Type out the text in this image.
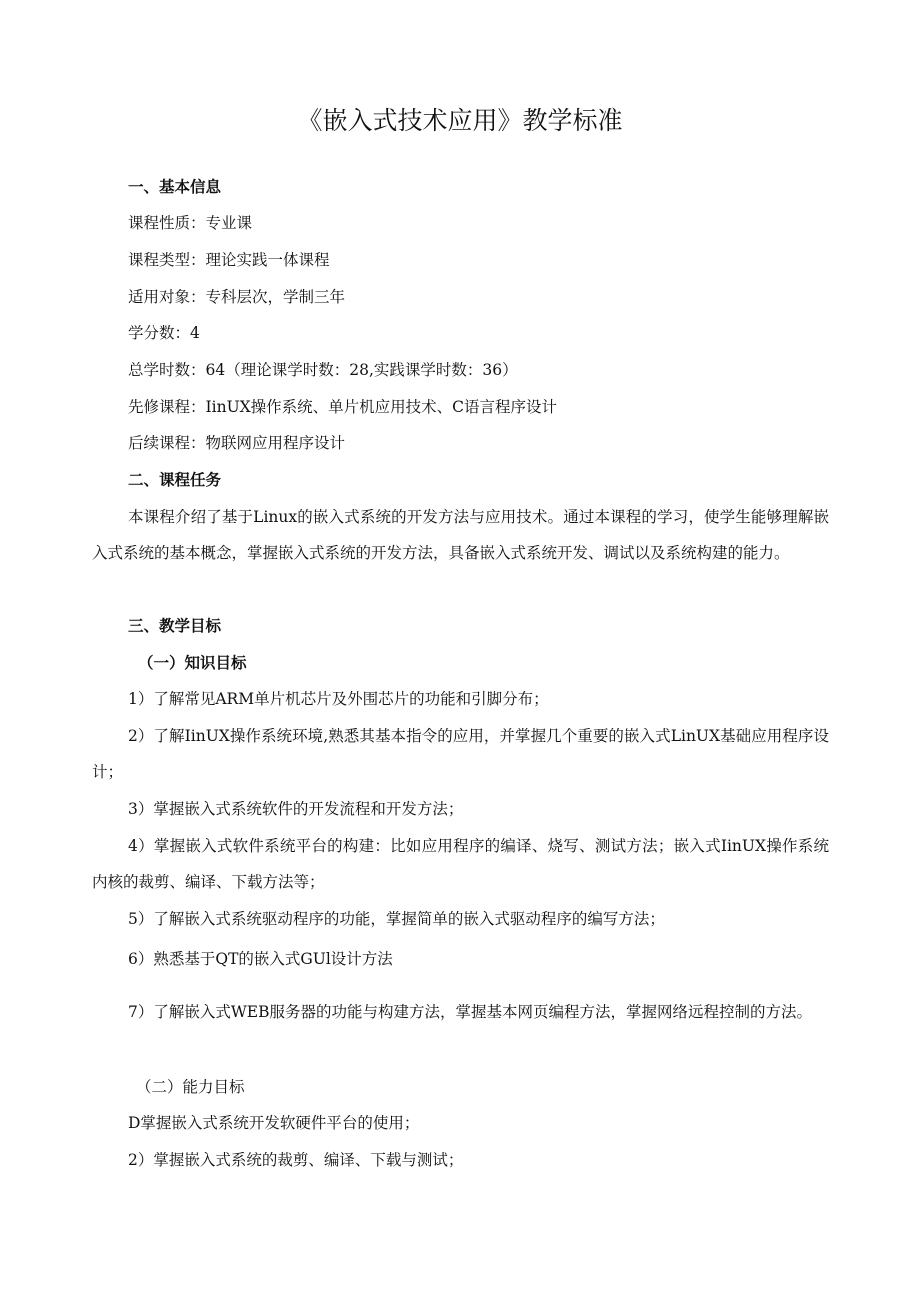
《嵌入式技术应用》教学标准

一、基本信息

课程性质：专业课

课程类型：理论实践一体课程

适用对象：专科层次，学制三年

学分数：4

总学时数：64（理论课学时数：28,实践课学时数：36）

先修课程：IinUX操作系统、单片机应用技术、C语言程序设计

后续课程：物联网应用程序设计

二、课程任务

本课程介绍了基于Linux的嵌入式系统的开发方法与应用技术。通过本课程的学习，使学生能够理解嵌入式系统的基本概念，掌握嵌入式系统的开发方法，具备嵌入式系统开发、调试以及系统构建的能力。

三、教学目标

（一）知识目标

1）了解常见ARM单片机芯片及外围芯片的功能和引脚分布；

2）了解IinUX操作系统环境,熟悉其基本指令的应用，并掌握几个重要的嵌入式LinUX基础应用程序设计；

3）掌握嵌入式系统软件的开发流程和开发方法；

4）掌握嵌入式软件系统平台的构建：比如应用程序的编译、烧写、测试方法；嵌入式IinUX操作系统内核的裁剪、编译、下载方法等；

5）了解嵌入式系统驱动程序的功能，掌握简单的嵌入式驱动程序的编写方法；

6）熟悉基于QT的嵌入式GUl设计方法

7）了解嵌入式WEB服务器的功能与构建方法，掌握基本网页编程方法，掌握网络远程控制的方法。

（二）能力目标

D掌握嵌入式系统开发软硬件平台的使用；

2）掌握嵌入式系统的裁剪、编译、下载与测试；
